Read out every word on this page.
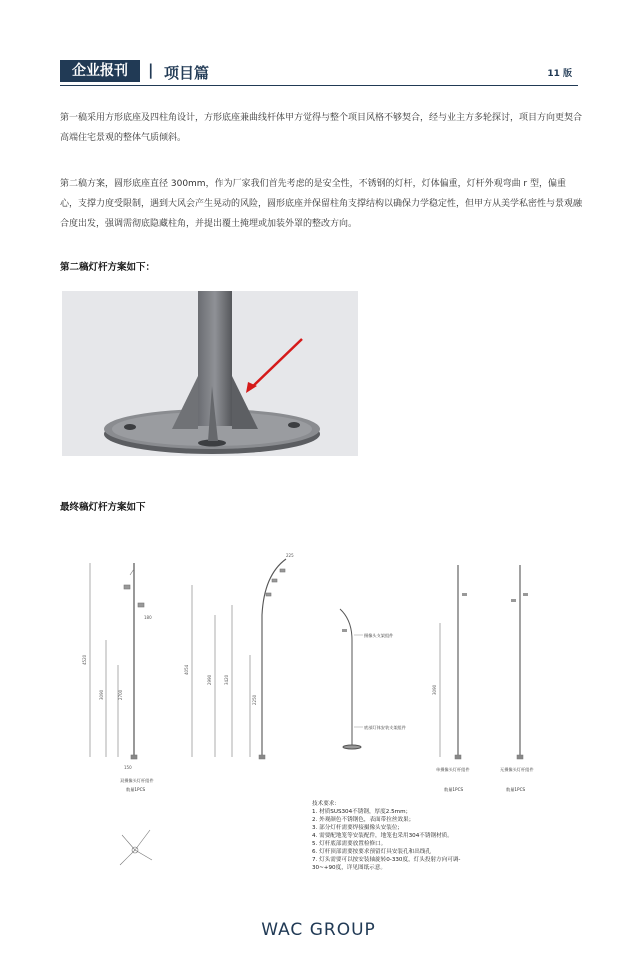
企业报刊	| 项目篇	11 版
第一稿采用方形底座及四柱角设计，方形底座兼曲线杆体甲方觉得与整个项目风格不够契合，经与业主方多轮探讨，项目方向更契合高端住宅景观的整体气质倾斜。
第二稿方案，圆形底座直径 300mm，作为厂家我们首先考虑的是安全性，不锈钢的灯杆，灯体偏重，灯杆外观弯曲 r 型，偏重心，支撑力度受限制，遇到大风会产生晃动的风险，圆形底座并保留柱角支撑结构以确保力学稳定性，但甲方从美学私密性与景观融合度出发，强调需彻底隐藏柱角，并提出覆土掩埋或加装外罩的整改方向。
第二稿灯杆方案如下：
最终稿灯杆方案如下
4520
3090	2700
180
150
双摄像头灯杆组件
数量1PCS
4054
2990	3420
2250
225
摄像头支架组件
底部灯体安装支架组件
3090
单摄像头灯杆组件
数量1PCS
无摄像头灯杆组件
数量1PCS
技术要求：
1. 材质SUS304不锈钢，厚度2.5mm；
2. 外观颜色不锈钢色，表面带拉丝效果；
3. 部分灯杆需要焊接摄像头安装位；
4. 需要配地笼等安装配件，地笼也采用304不锈钢材质。
5. 灯杆底部需要放置检修口。
6. 灯杆顶部需要按要求预留灯具安装孔和出线孔
7. 灯头需要可以按安装轴旋转0-330度，灯头投射方向可调-
30~+90度，详见图纸示意。
WAC GROUP
